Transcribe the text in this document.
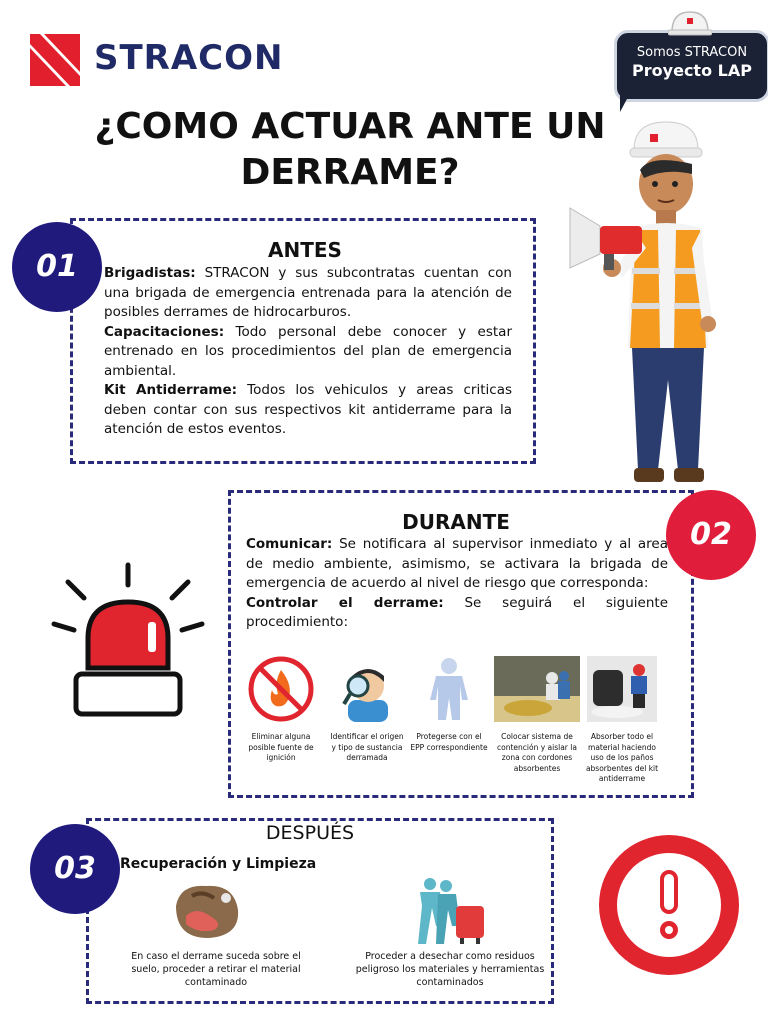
STRACON	Somos STRACON
Proyecto LAP
¿COMO ACTUAR ANTE UN
DERRAME?
01	ANTES
Brigadistas: STRACON y sus subcontratas cuentan con una brigada de emergencia entrenada para la atención de posibles derrames de hidrocarburos.
Capacitaciones: Todo personal debe conocer y estar entrenado en los procedimientos del plan de emergencia ambiental.
Kit Antiderrame: Todos los vehiculos y areas criticas deben contar con sus respectivos kit antiderrame para la atención de estos eventos.
02
DURANTE
Comunicar: Se notificara al supervisor inmediato y al area de medio ambiente, asimismo, se activara la brigada de emergencia de acuerdo al nivel de riesgo que corresponda:
Controlar el derrame: Se seguirá el siguiente procedimiento:
Eliminar alguna posible fuente de ignición
Identificar el origen y tipo de sustancia derramada
Protegerse con el EPP correspondiente
Colocar sistema de contención y aislar la zona con cordones absorbentes
Absorber todo el material haciendo uso de los paños absorbentes del kit antiderrame
03
DESPUÉS
Recuperación y Limpieza
En caso el derrame suceda sobre el suelo, proceder a retirar el material contaminado
Proceder a desechar como residuos peligroso los materiales y herramientas contaminados
